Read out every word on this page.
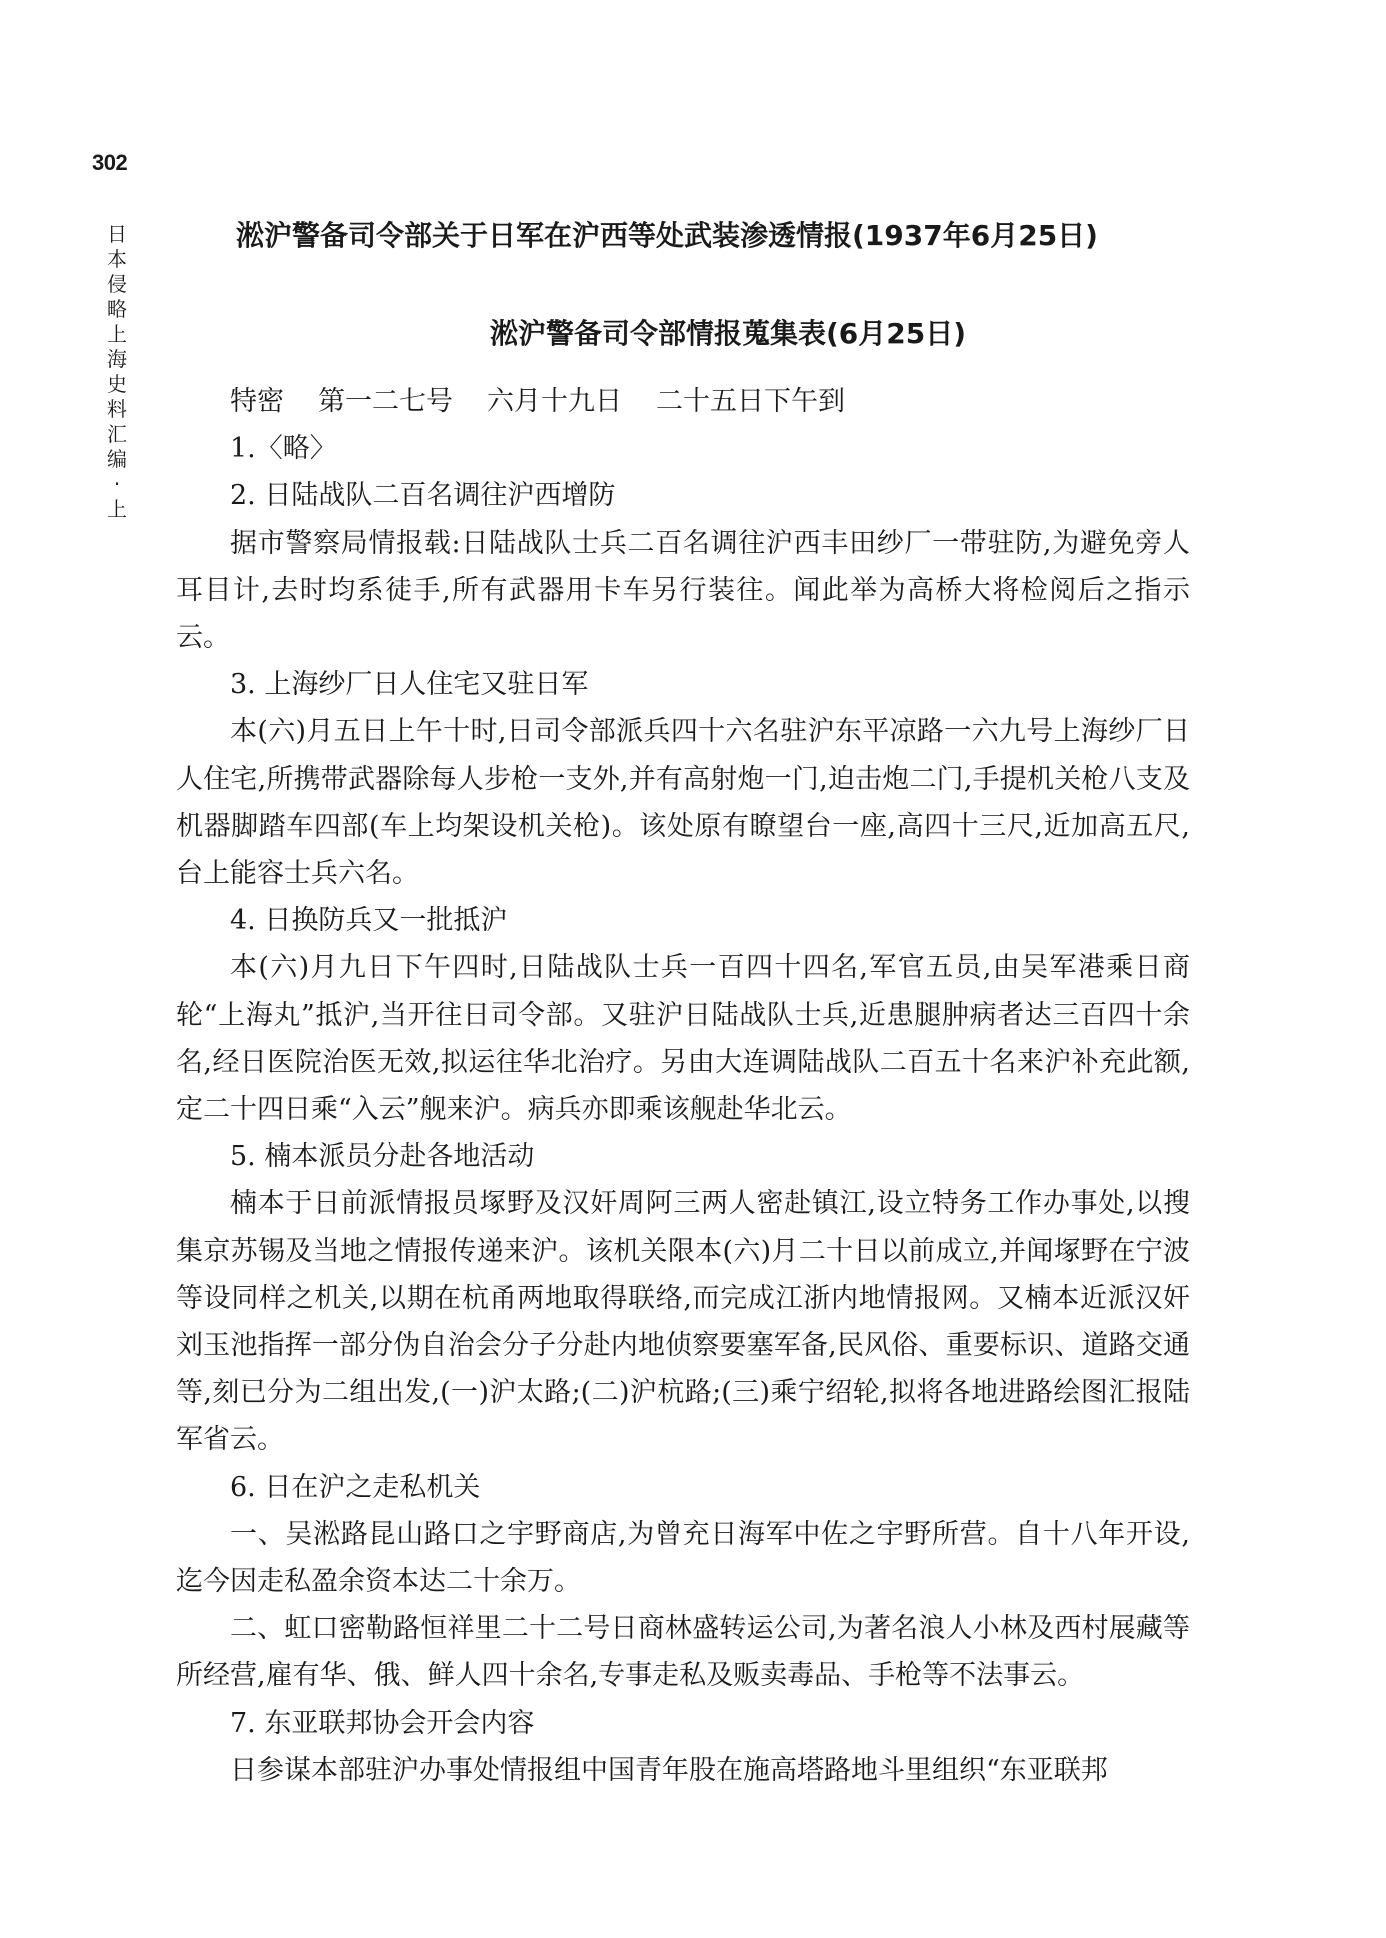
302
日本侵略上海史料汇编·上
淞沪警备司令部关于日军在沪西等处武装渗透情报(1937年6月25日)
淞沪警备司令部情报蒐集表(6月25日)

特密 第一二七号 六月十九日 二十五日下午到

1.〈略〉

2. 日陆战队二百名调往沪西增防

据市警察局情报载:日陆战队士兵二百名调往沪西丰田纱厂一带驻防,为避免旁人耳目计,去时均系徒手,所有武器用卡车另行装往。闻此举为高桥大将检阅后之指示云。

3. 上海纱厂日人住宅又驻日军

本(六)月五日上午十时,日司令部派兵四十六名驻沪东平凉路一六九号上海纱厂日人住宅,所携带武器除每人步枪一支外,并有高射炮一门,迫击炮二门,手提机关枪八支及机器脚踏车四部(车上均架设机关枪)。该处原有瞭望台一座,高四十三尺,近加高五尺,台上能容士兵六名。

4. 日换防兵又一批抵沪

本(六)月九日下午四时,日陆战队士兵一百四十四名,军官五员,由吴军港乘日商轮“上海丸”抵沪,当开往日司令部。又驻沪日陆战队士兵,近患腿肿病者达三百四十余名,经日医院治医无效,拟运往华北治疗。另由大连调陆战队二百五十名来沪补充此额,定二十四日乘“入云”舰来沪。病兵亦即乘该舰赴华北云。

5. 楠本派员分赴各地活动

楠本于日前派情报员塚野及汉奸周阿三两人密赴镇江,设立特务工作办事处,以搜集京苏锡及当地之情报传递来沪。该机关限本(六)月二十日以前成立,并闻塚野在宁波等设同样之机关,以期在杭甬两地取得联络,而完成江浙内地情报网。又楠本近派汉奸刘玉池指挥一部分伪自治会分子分赴内地侦察要塞军备,民风俗、重要标识、道路交通等,刻已分为二组出发,(一)沪太路;(二)沪杭路;(三)乘宁绍轮,拟将各地进路绘图汇报陆军省云。

6. 日在沪之走私机关

一、吴淞路昆山路口之宇野商店,为曾充日海军中佐之宇野所营。自十八年开设,迄今因走私盈余资本达二十余万。

二、虹口密勒路恒祥里二十二号日商林盛转运公司,为著名浪人小林及西村展藏等所经营,雇有华、俄、鲜人四十余名,专事走私及贩卖毒品、手枪等不法事云。

7. 东亚联邦协会开会内容

日参谋本部驻沪办事处情报组中国青年股在施高塔路地斗里组织“东亚联邦
